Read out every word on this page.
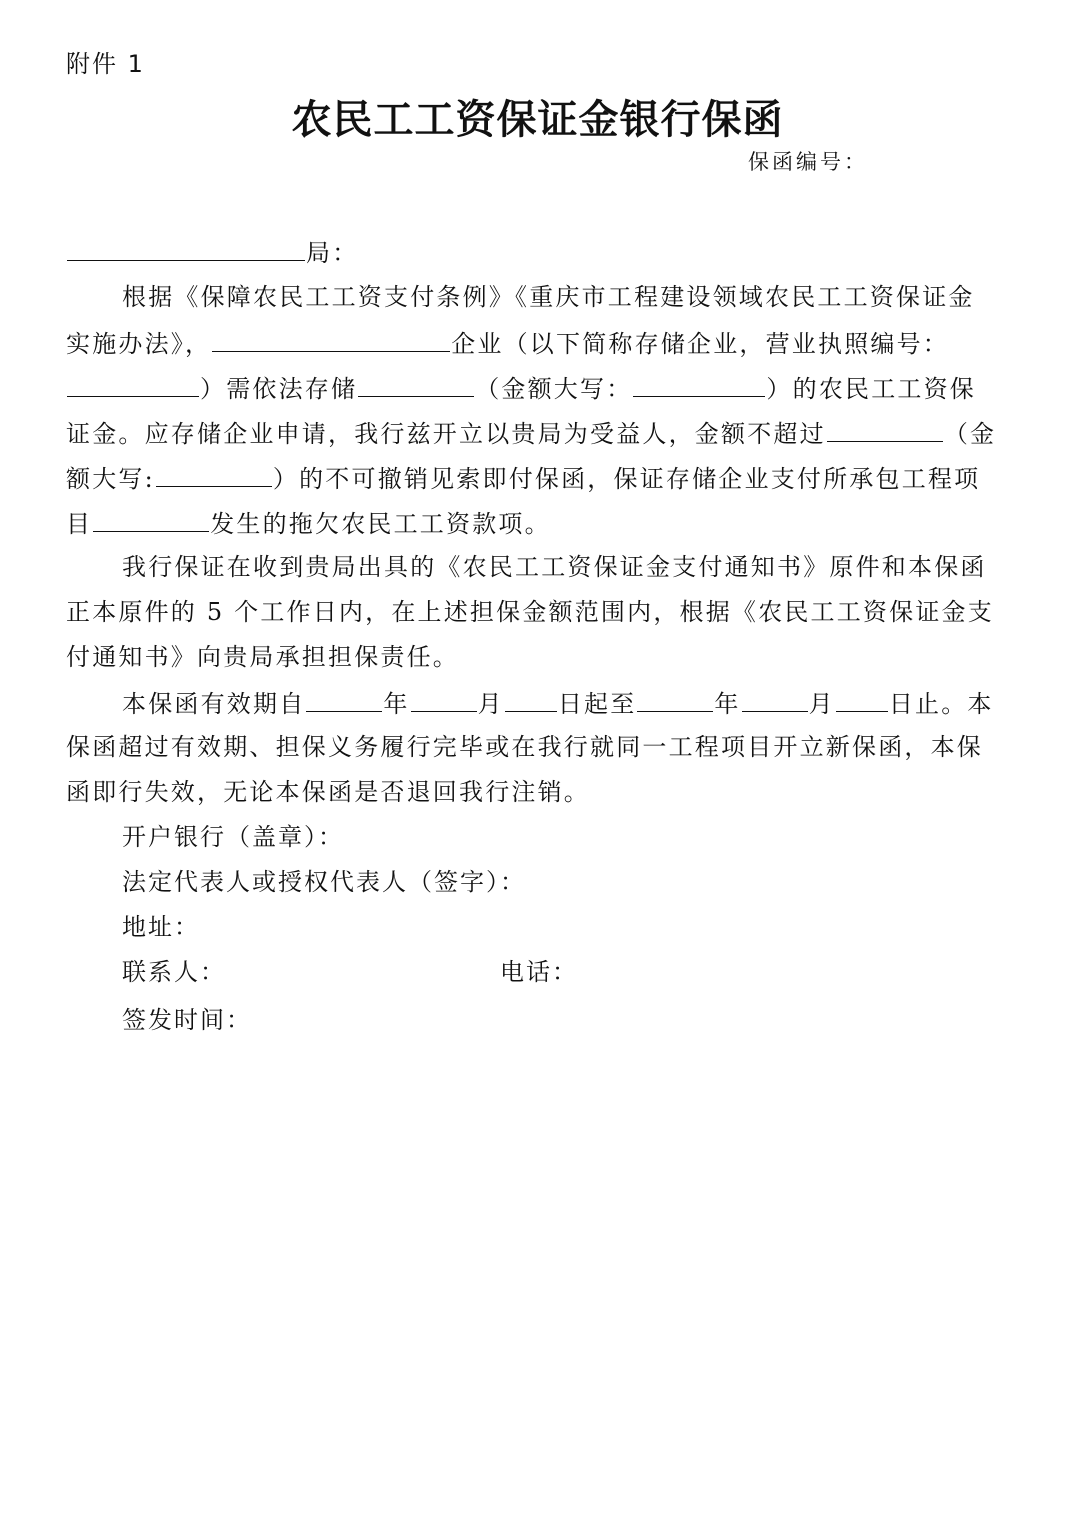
附件 1
农民工工资保证金银行保函
保函编号：
局：
根据《保障农民工工资支付条例》《重庆市工程建设领域农民工工资保证金
实施办法》，	企业（以下简称存储企业，营业执照编号：
）需依法存储	（金额大写：	）的农民工工资保
证金。应存储企业申请，我行兹开立以贵局为受益人，金额不超过	（金
额大写:	）的不可撤销见索即付保函，保证存储企业支付所承包工程项
目	发生的拖欠农民工工资款项。
我行保证在收到贵局出具的《农民工工资保证金支付通知书》原件和本保函
正本原件的 5 个工作日内，在上述担保金额范围内，根据《农民工工资保证金支
付通知书》向贵局承担担保责任。
本保函有效期自	年	月 日起至	年	月 日止。本
保函超过有效期、担保义务履行完毕或在我行就同一工程项目开立新保函，本保
函即行失效，无论本保函是否退回我行注销。
开户银行（盖章）：
法定代表人或授权代表人（签字）：
地址：
联系人：	电话：
签发时间：
